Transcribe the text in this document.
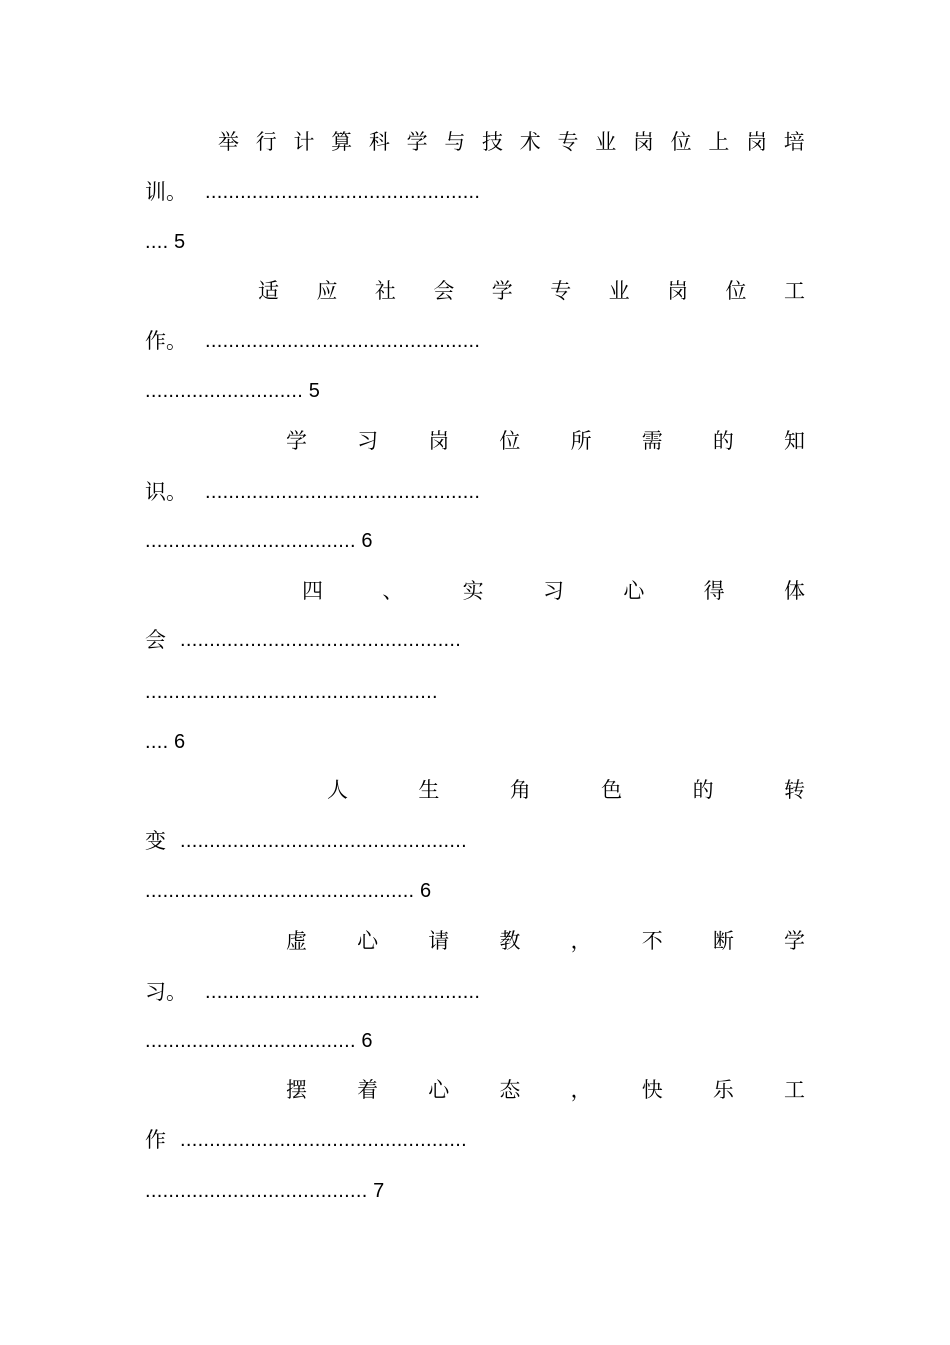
举 行 计 算 科 学 与 技 术 专 业 岗 位 上 岗 培
训。 ...............................................
.... 5
适 应 社 会 学 专 业 岗 位 工
作。 ...............................................
........................... 5
学 习 岗 位 所 需 的 知
识。 ...............................................
.................................... 6
四	、	实	习	心	得	体
会 ................................................
..................................................
.... 6
人	生	角	色	的	转
变 .................................................
.............................................. 6
虚 心 请 教 ， 不 断 学
习。 ...............................................
.................................... 6
摆 着 心 态 ， 快 乐 工
作 .................................................
...................................... 7
